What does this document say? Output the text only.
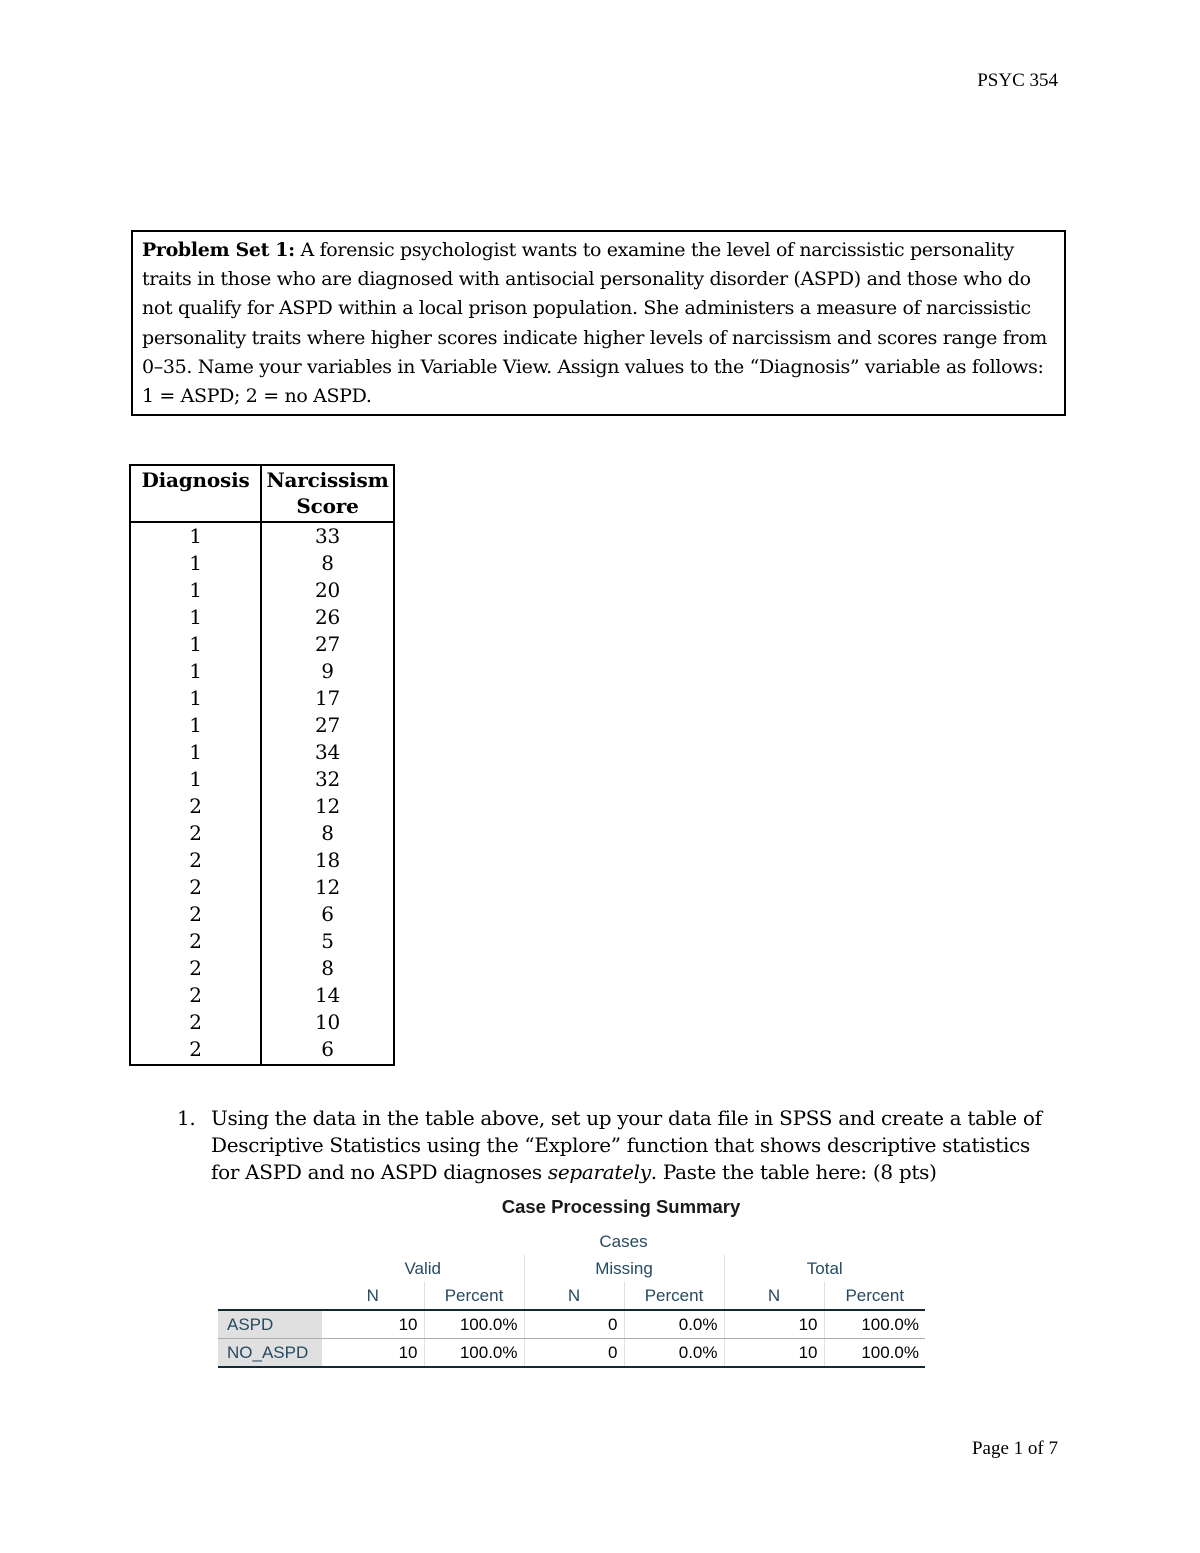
PSYC 354
Problem Set 1: A forensic psychologist wants to examine the level of narcissistic personality traits in those who are diagnosed with antisocial personality disorder (ASPD) and those who do not qualify for ASPD within a local prison population. She administers a measure of narcissistic personality traits where higher scores indicate higher levels of narcissism and scores range from 0–35. Name your variables in Variable View. Assign values to the “Diagnosis” variable as follows: 1 = ASPD; 2 = no ASPD.
Diagnosis	Narcissism Score
1	33
1	8
1	20
1	26
1	27
1	9
1	17
1	27
1	34
1	32
2	12
2	8
2	18
2	12
2	6
2	5
2	8
2	14
2	10
2	6
1. Using the data in the table above, set up your data file in SPSS and create a table of Descriptive Statistics using the “Explore” function that shows descriptive statistics for ASPD and no ASPD diagnoses separately. Paste the table here: (8 pts)
Case Processing Summary
	Cases					
	Valid		Missing		Total	
	N	Percent	N	Percent	N	Percent
ASPD	10	100.0%	0	0.0%	10	100.0%
NO_ASPD	10	100.0%	0	0.0%	10	100.0%
Page 1 of 7
